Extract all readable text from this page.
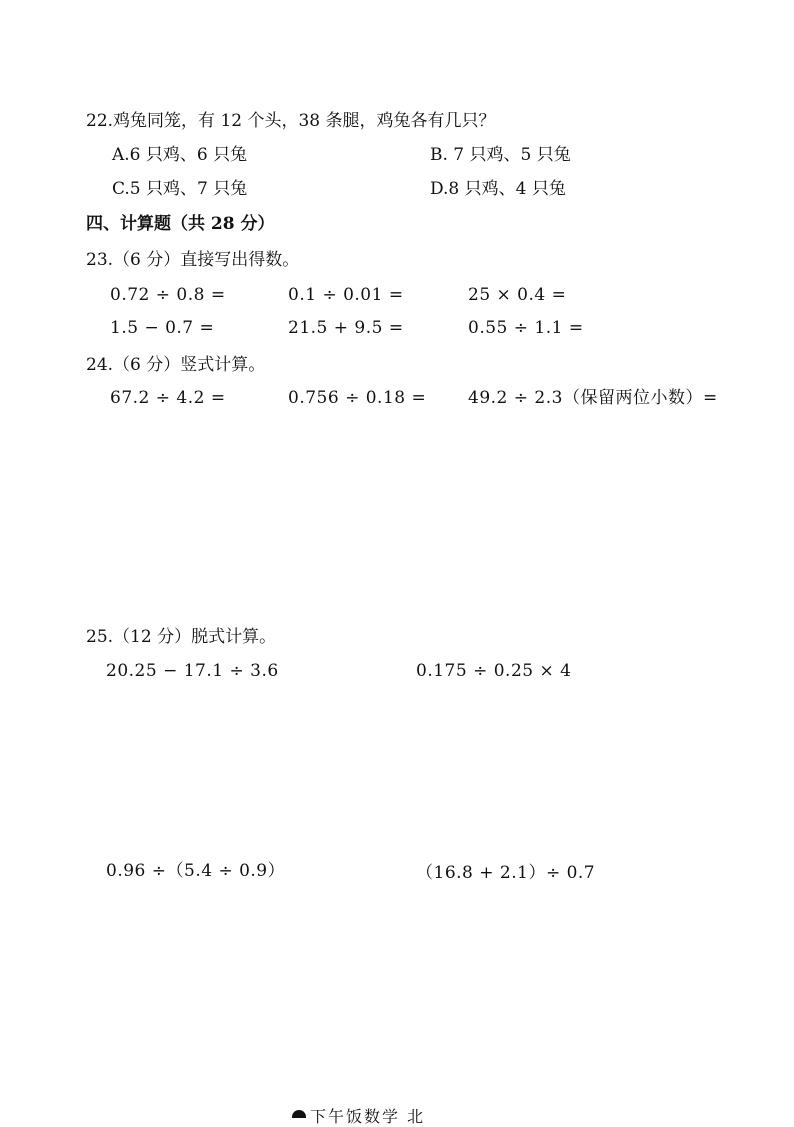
22.鸡兔同笼，有 12 个头，38 条腿，鸡兔各有几只？
A.6 只鸡、6 只兔	B. 7 只鸡、5 只兔
C.5 只鸡、7 只兔	D.8 只鸡、4 只兔
四、计算题（共 28 分）
23.（6 分）直接写出得数。
0.72 ÷ 0.8 =	0.1 ÷ 0.01 =	25 × 0.4 =
1.5 − 0.7 =	21.5 + 9.5 =	0.55 ÷ 1.1 =
24.（6 分）竖式计算。
67.2 ÷ 4.2 =	0.756 ÷ 0.18 = 49.2 ÷ 2.3（保留两位小数）=
25.（12 分）脱式计算。
20.25 − 17.1 ÷ 3.6	0.175 ÷ 0.25 × 4
0.96 ÷（5.4 ÷ 0.9）	（16.8 + 2.1）÷ 0.7
下午饭数学 北
